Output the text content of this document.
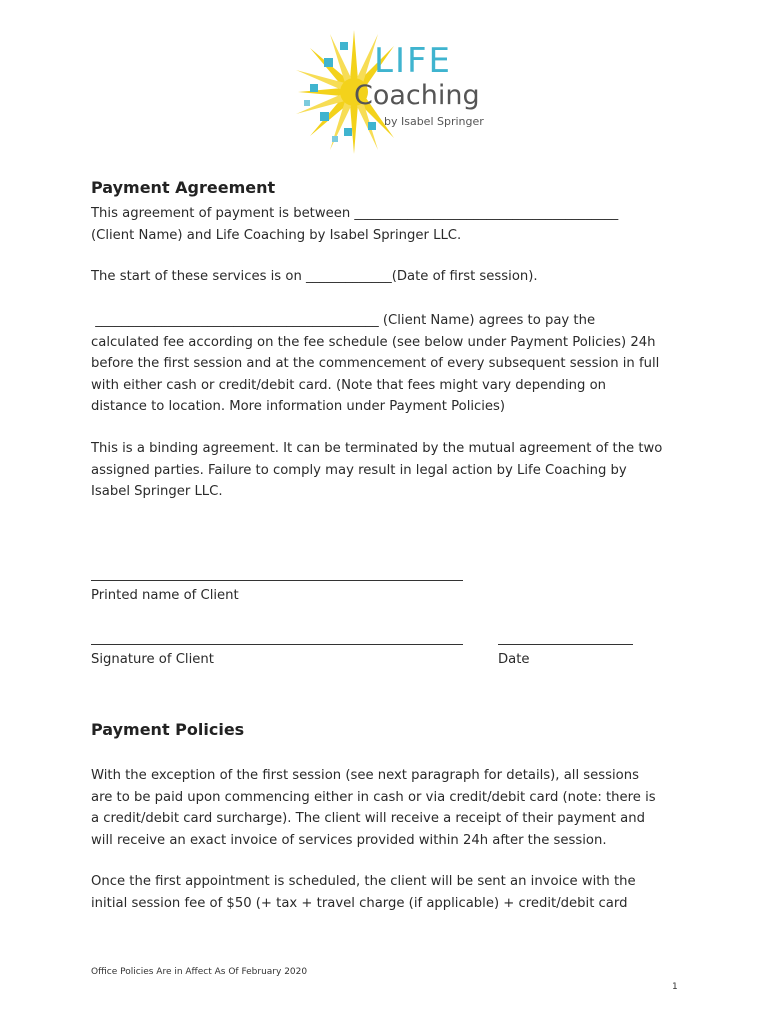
LIFE
Coaching
by Isabel Springer
Payment Agreement
This agreement of payment is between ________________________________________
(Client Name) and Life Coaching by Isabel Springer LLC.
The start of these services is on _____________(Date of first session).
___________________________________________ (Client Name) agrees to pay the
calculated fee according on the fee schedule (see below under Payment Policies) 24h
before the first session and at the commencement of every subsequent session in full
with either cash or credit/debit card. (Note that fees might vary depending on
distance to location. More information under Payment Policies)
This is a binding agreement. It can be terminated by the mutual agreement of the two
assigned parties. Failure to comply may result in legal action by Life Coaching by
Isabel Springer LLC.
Printed name of Client
Signature of Client	Date
Payment Policies
With the exception of the first session (see next paragraph for details), all sessions
are to be paid upon commencing either in cash or via credit/debit card (note: there is
a credit/debit card surcharge). The client will receive a receipt of their payment and
will receive an exact invoice of services provided within 24h after the session.
Once the first appointment is scheduled, the client will be sent an invoice with the
initial session fee of $50 (+ tax + travel charge (if applicable) + credit/debit card
Office Policies Are in Affect As Of February 2020
1
